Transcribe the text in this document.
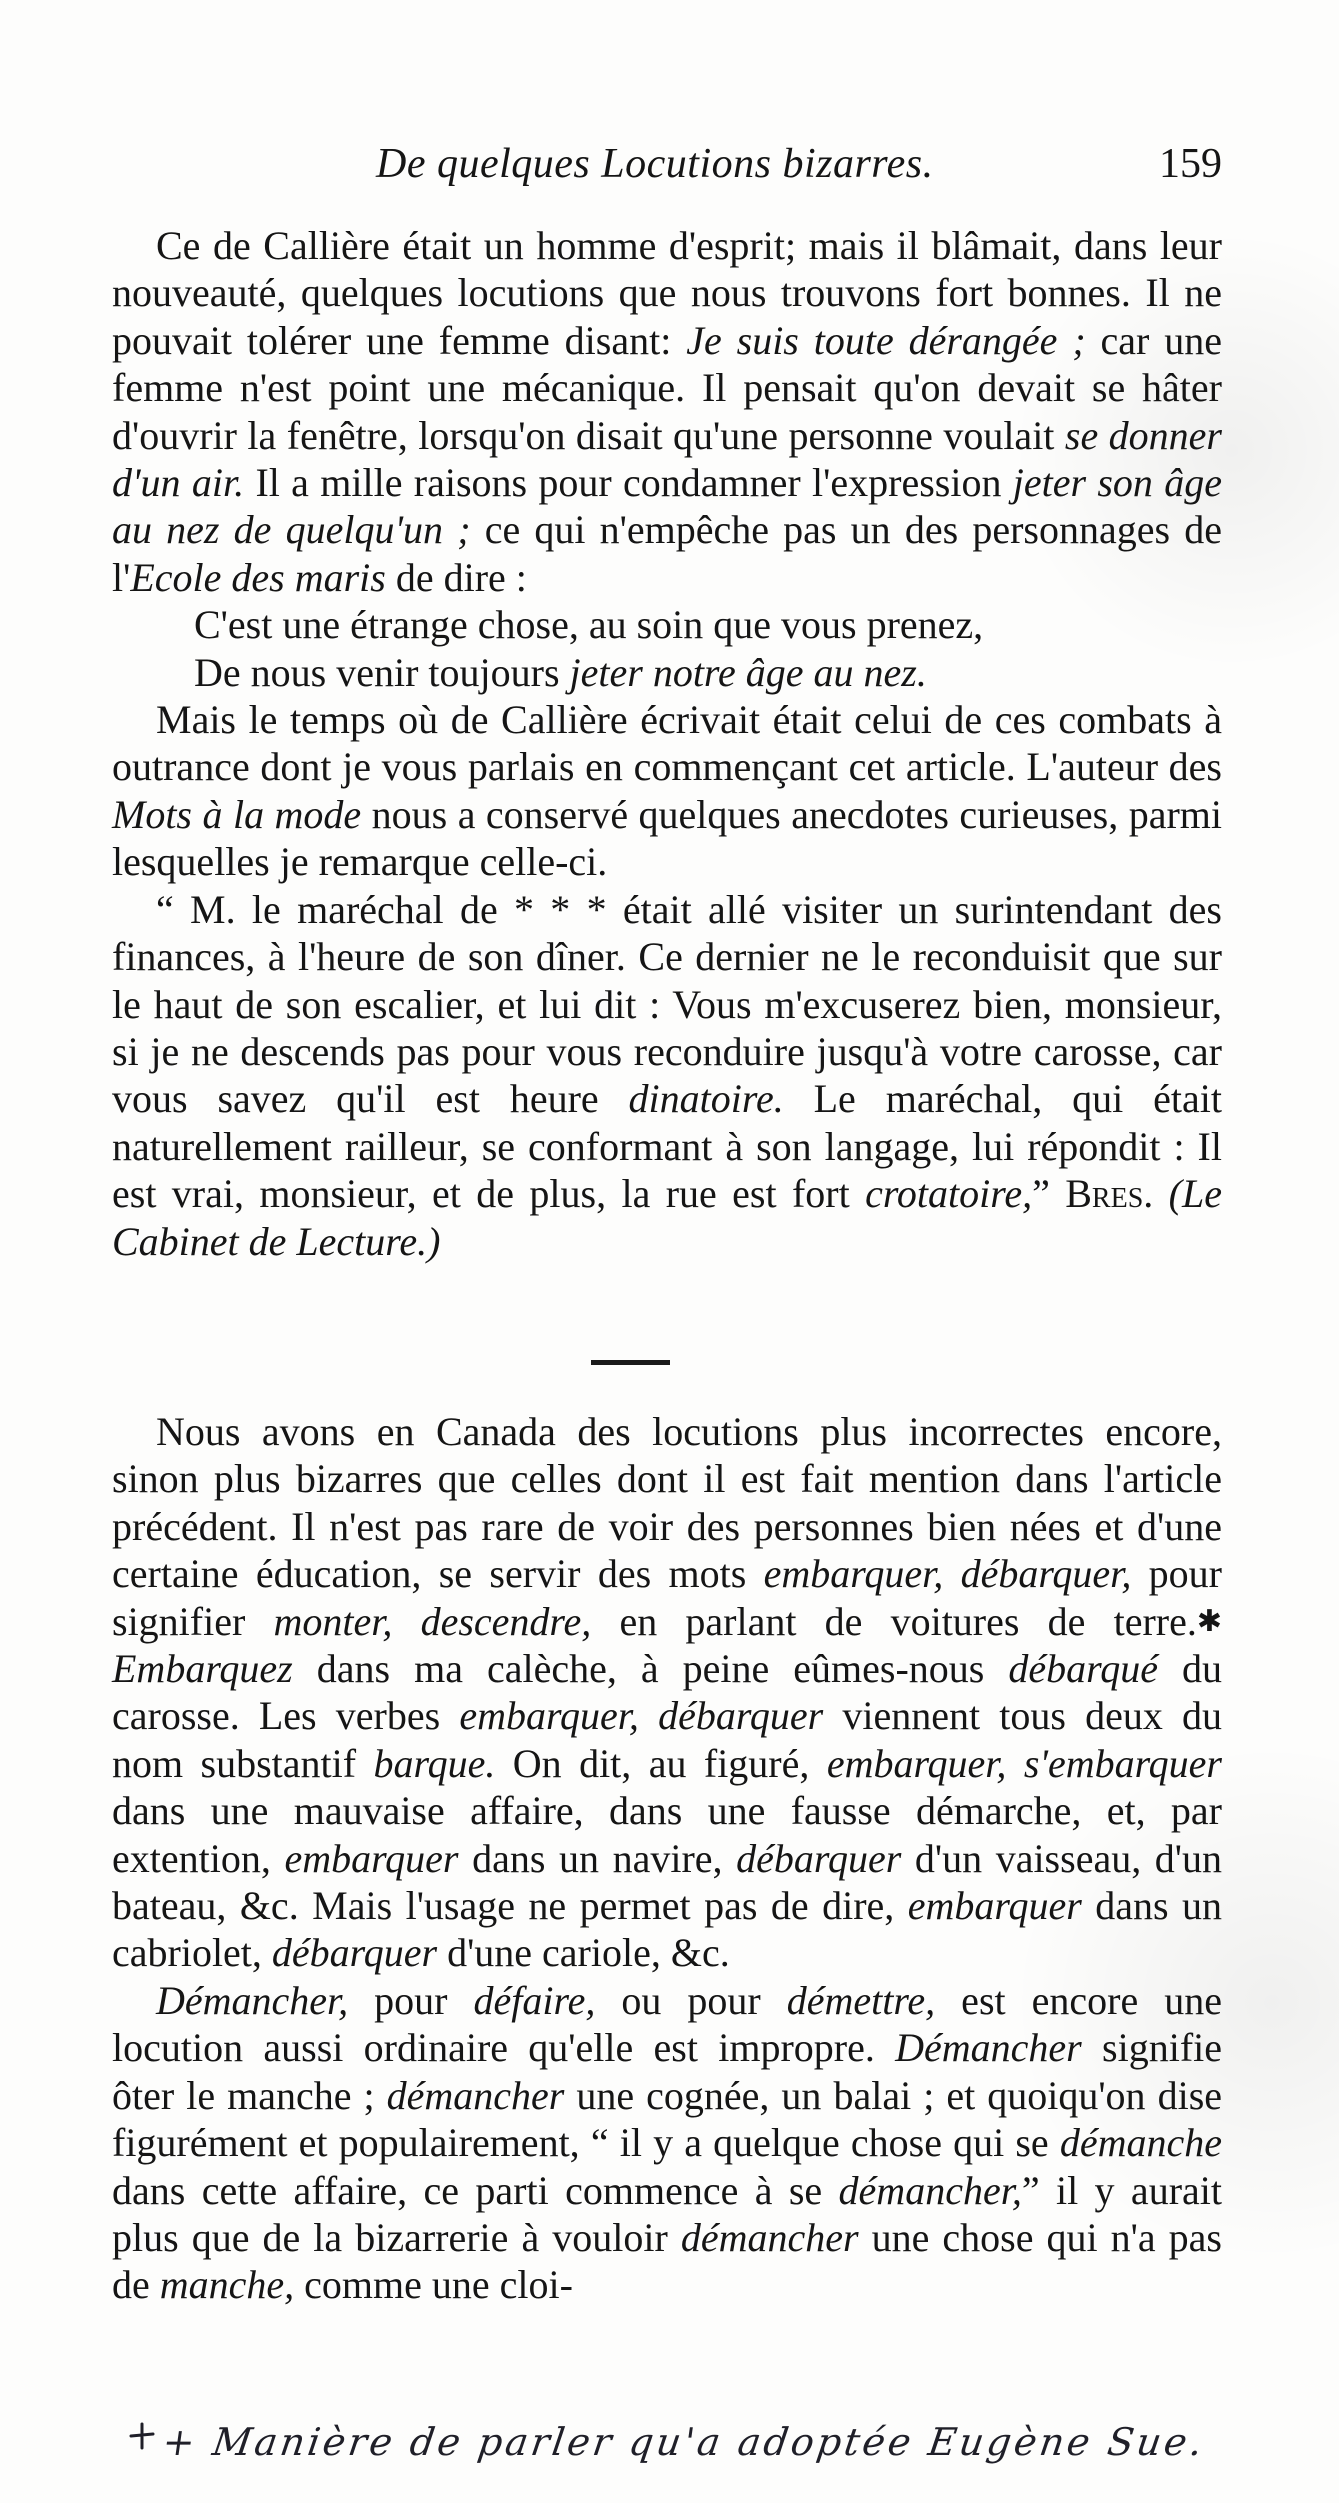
De quelques Locutions bizarres.	159

Ce de Callière était un homme d'esprit; mais il blâmait, dans leur nouveauté, quelques locutions que nous trouvons fort bonnes. Il ne pouvait tolérer une femme disant: Je suis toute dérangée ; car une femme n'est point une mécanique. Il pensait qu'on devait se hâter d'ouvrir la fenêtre, lorsqu'on disait qu'une personne voulait se donner d'un air. Il a mille raisons pour condamner l'expression jeter son âge au nez de quelqu'un ; ce qui n'empêche pas un des personnages de l'Ecole des maris de dire :

C'est une étrange chose, au soin que vous prenez,
De nous venir toujours jeter notre âge au nez.

Mais le temps où de Callière écrivait était celui de ces combats à outrance dont je vous parlais en commençant cet article. L'auteur des Mots à la mode nous a conservé quelques anecdotes curieuses, parmi lesquelles je remarque celle-ci.

“ M. le maréchal de * * * était allé visiter un surintendant des finances, à l'heure de son dîner. Ce dernier ne le reconduisit que sur le haut de son escalier, et lui dit : Vous m'excuserez bien, monsieur, si je ne descends pas pour vous reconduire jusqu'à votre carosse, car vous savez qu'il est heure dinatoire. Le maréchal, qui était naturellement railleur, se conformant à son langage, lui répondit : Il est vrai, monsieur, et de plus, la rue est fort crotatoire,” Bres. (Le Cabinet de Lecture.)

Nous avons en Canada des locutions plus incorrectes encore, sinon plus bizarres que celles dont il est fait mention dans l'article précédent. Il n'est pas rare de voir des personnes bien nées et d'une certaine éducation, se servir des mots embarquer, débarquer, pour signifier monter, descendre, en parlant de voitures de terre.✱ Embarquez dans ma calèche, à peine eûmes-nous débarqué du carosse. Les verbes embarquer, débarquer viennent tous deux du nom substantif barque. On dit, au figuré, embarquer, s'embarquer dans une mauvaise affaire, dans une fausse démarche, et, par extention, embarquer dans un navire, débarquer d'un vaisseau, d'un bateau, &c. Mais l'usage ne permet pas de dire, embarquer dans un cabriolet, débarquer d'une cariole, &c.

Démancher, pour défaire, ou pour démettre, est encore une locution aussi ordinaire qu'elle est impropre. Démancher signifie ôter le manche ; démancher une cognée, un balai ; et quoiqu'on dise figurément et populairement, “ il y a quelque chose qui se démanche dans cette affaire, ce parti commence à se démancher,” il y aurait plus que de la bizarrerie à vouloir démancher une chose qui n'a pas de manche, comme une cloi-

+ Manière de parler qu'a adoptée Eugène Sue.
